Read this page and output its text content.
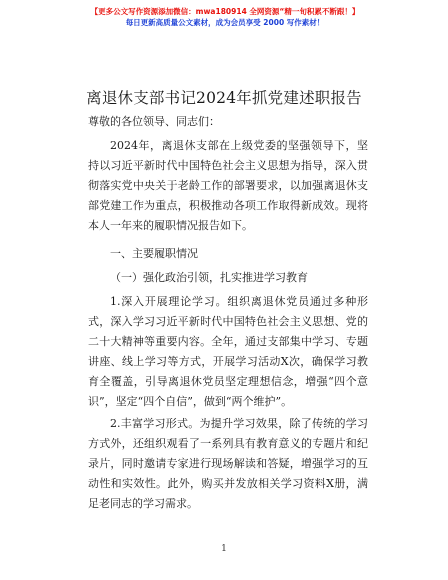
【更多公文写作资源添加微信：mwa180914 全网资源“精一旬积累不断跟！】
每日更新高质量公文素材，成为会员享受 2000 写作素材！
离退休支部书记2024年抓党建述职报告

尊敬的各位领导、同志们：

2024年，离退休支部在上级党委的坚强领导下，坚持以习近平新时代中国特色社会主义思想为指导，深入贯彻落实党中央关于老龄工作的部署要求，以加强离退休支部党建工作为重点，积极推动各项工作取得新成效。现将本人一年来的履职情况报告如下。

一、主要履职情况

（一）强化政治引领，扎实推进学习教育

1.深入开展理论学习。组织离退休党员通过多种形式，深入学习习近平新时代中国特色社会主义思想、党的二十大精神等重要内容。全年，通过支部集中学习、专题讲座、线上学习等方式，开展学习活动X次，确保学习教育全覆盖，引导离退休党员坚定理想信念，增强“四个意识”，坚定“四个自信”，做到“两个维护”。

2.丰富学习形式。为提升学习效果，除了传统的学习方式外，还组织观看了一系列具有教育意义的专题片和纪录片，同时邀请专家进行现场解读和答疑，增强学习的互动性和实效性。此外，购买并发放相关学习资料X册，满足老同志的学习需求。

1
